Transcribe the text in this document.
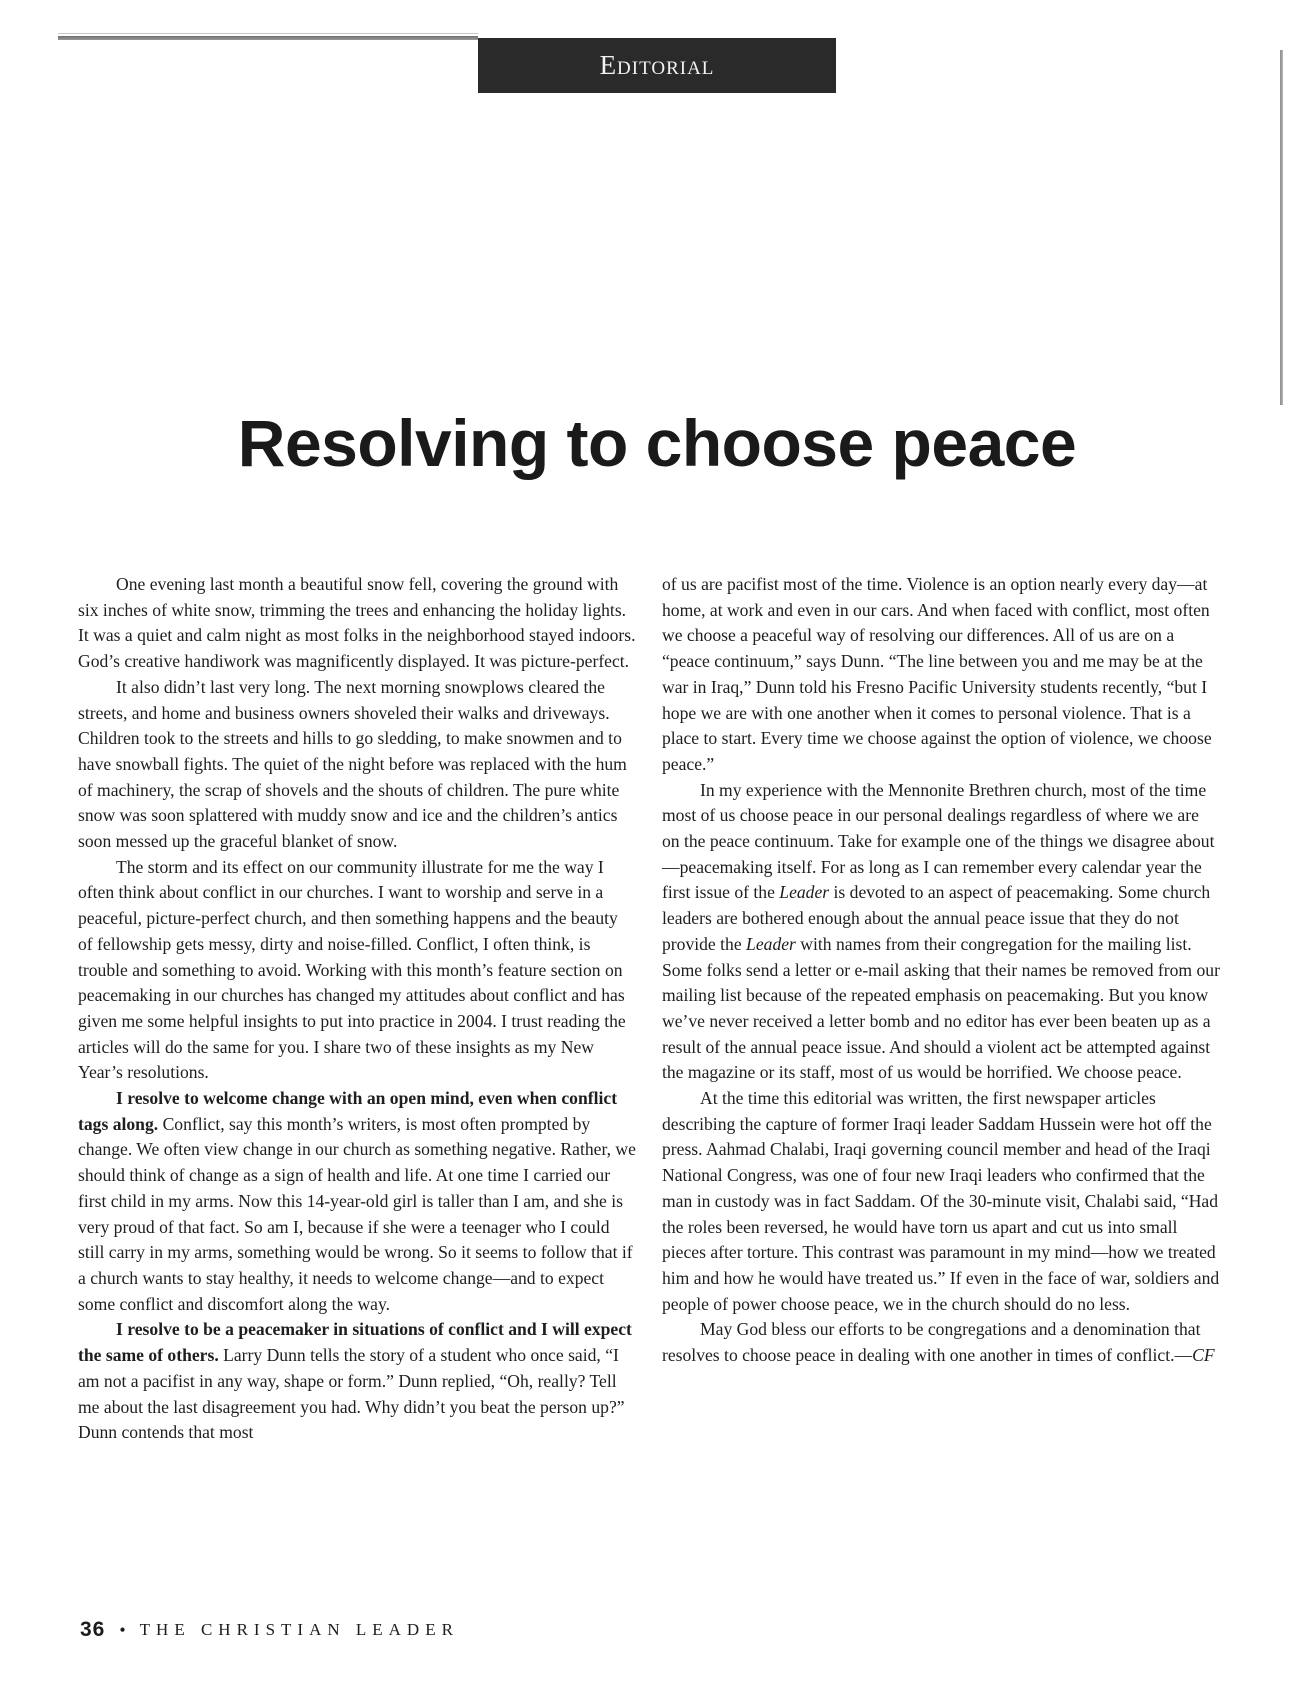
Editorial
Resolving to choose peace

One evening last month a beautiful snow fell, covering the ground with six inches of white snow, trimming the trees and enhancing the holiday lights. It was a quiet and calm night as most folks in the neighborhood stayed indoors. God’s creative handiwork was magnificently displayed. It was picture-perfect.

It also didn’t last very long. The next morning snowplows cleared the streets, and home and business owners shoveled their walks and driveways. Children took to the streets and hills to go sledding, to make snowmen and to have snowball fights. The quiet of the night before was replaced with the hum of machinery, the scrap of shovels and the shouts of children. The pure white snow was soon splattered with muddy snow and ice and the children’s antics soon messed up the graceful blanket of snow.

The storm and its effect on our community illustrate for me the way I often think about conflict in our churches. I want to worship and serve in a peaceful, picture-perfect church, and then something happens and the beauty of fellowship gets messy, dirty and noise-filled. Conflict, I often think, is trouble and something to avoid. Working with this month’s feature section on peacemaking in our churches has changed my attitudes about conflict and has given me some helpful insights to put into practice in 2004. I trust reading the articles will do the same for you. I share two of these insights as my New Year’s resolutions.

I resolve to welcome change with an open mind, even when conflict tags along. Conflict, say this month’s writers, is most often prompted by change. We often view change in our church as something negative. Rather, we should think of change as a sign of health and life. At one time I carried our first child in my arms. Now this 14-year-old girl is taller than I am, and she is very proud of that fact. So am I, because if she were a teenager who I could still carry in my arms, something would be wrong. So it seems to follow that if a church wants to stay healthy, it needs to welcome change—and to expect some conflict and discomfort along the way.

I resolve to be a peacemaker in situations of conflict and I will expect the same of others. Larry Dunn tells the story of a student who once said, “I am not a pacifist in any way, shape or form.” Dunn replied, “Oh, really? Tell me about the last disagreement you had. Why didn’t you beat the person up?” Dunn contends that most

of us are pacifist most of the time. Violence is an option nearly every day—at home, at work and even in our cars. And when faced with conflict, most often we choose a peaceful way of resolving our differences. All of us are on a “peace continuum,” says Dunn. “The line between you and me may be at the war in Iraq,” Dunn told his Fresno Pacific University students recently, “but I hope we are with one another when it comes to personal violence. That is a place to start. Every time we choose against the option of violence, we choose peace.”

In my experience with the Mennonite Brethren church, most of the time most of us choose peace in our personal dealings regardless of where we are on the peace continuum. Take for example one of the things we disagree about—peacemaking itself. For as long as I can remember every calendar year the first issue of the Leader is devoted to an aspect of peacemaking. Some church leaders are bothered enough about the annual peace issue that they do not provide the Leader with names from their congregation for the mailing list. Some folks send a letter or e-mail asking that their names be removed from our mailing list because of the repeated emphasis on peacemaking. But you know we’ve never received a letter bomb and no editor has ever been beaten up as a result of the annual peace issue. And should a violent act be attempted against the magazine or its staff, most of us would be horrified. We choose peace.

At the time this editorial was written, the first newspaper articles describing the capture of former Iraqi leader Saddam Hussein were hot off the press. Aahmad Chalabi, Iraqi governing council member and head of the Iraqi National Congress, was one of four new Iraqi leaders who confirmed that the man in custody was in fact Saddam. Of the 30-minute visit, Chalabi said, “Had the roles been reversed, he would have torn us apart and cut us into small pieces after torture. This contrast was paramount in my mind—how we treated him and how he would have treated us.” If even in the face of war, soldiers and people of power choose peace, we in the church should do no less.

May God bless our efforts to be congregations and a denomination that resolves to choose peace in dealing with one another in times of conflict.—CF

36 • THE CHRISTIAN LEADER
